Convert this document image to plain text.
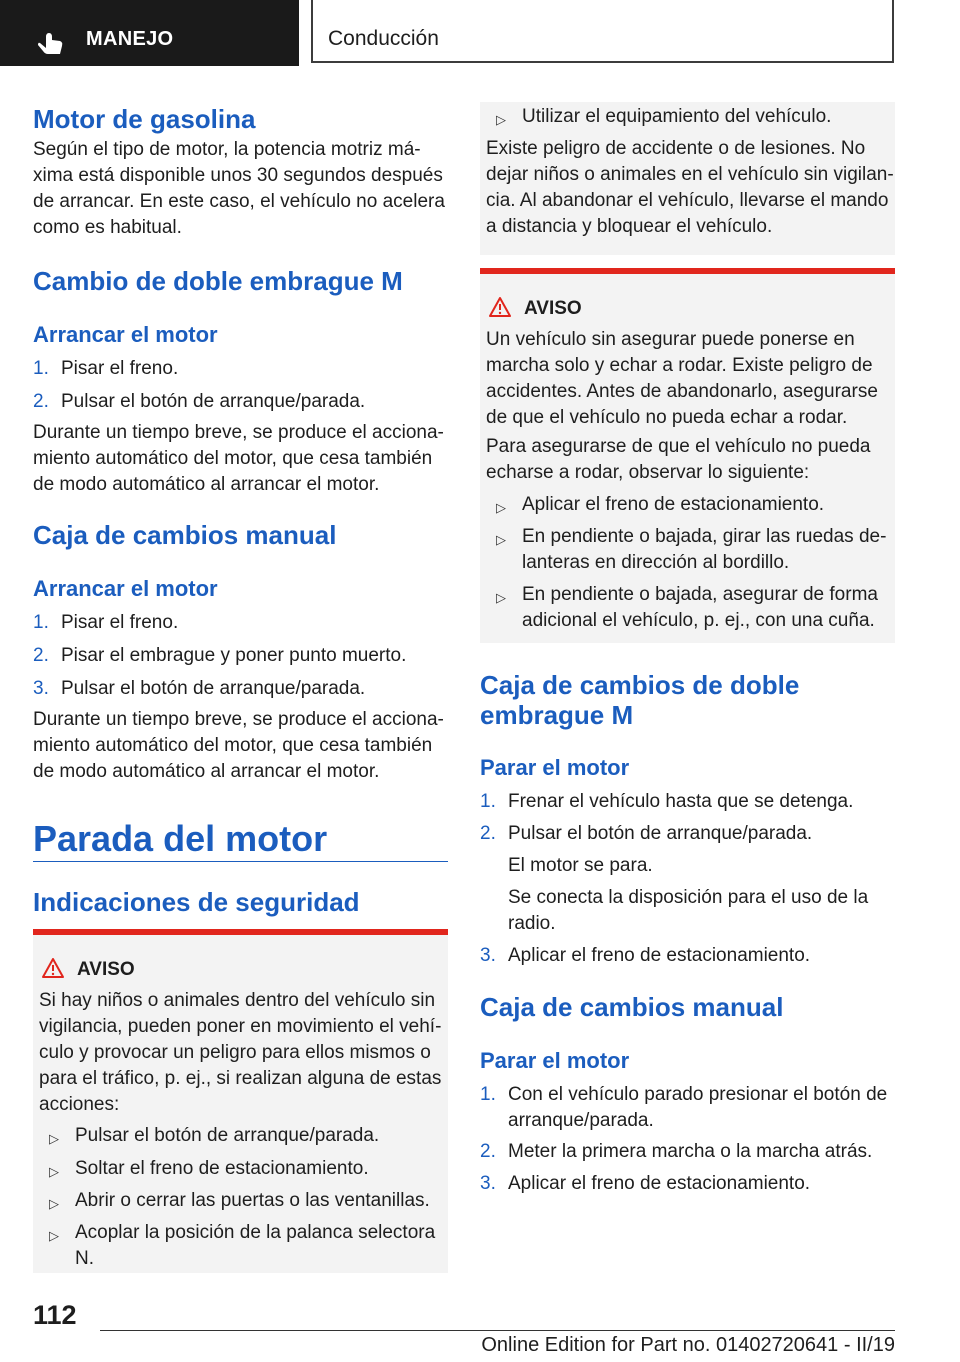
MANEJO	Conducción
Motor de gasolina

Según el tipo de motor, la potencia motriz má-
xima está disponible unos 30 segundos después
de arrancar. En este caso, el vehículo no acelera
como es habitual.

Cambio de doble embrague M
Arrancar el motor
1. Pisar el freno.
2. Pulsar el botón de arranque/parada.

Durante un tiempo breve, se produce el acciona-
miento automático del motor, que cesa también
de modo automático al arrancar el motor.

Caja de cambios manual
Arrancar el motor
1. Pisar el freno.
2. Pisar el embrague y poner punto muerto.
3. Pulsar el botón de arranque/parada.

Durante un tiempo breve, se produce el acciona-
miento automático del motor, que cesa también
de modo automático al arrancar el motor.

Parada del motor
Indicaciones de seguridad
AVISO

Si hay niños o animales dentro del vehículo sin
vigilancia, pueden poner en movimiento el vehí-
culo y provocar un peligro para ellos mismos o
para el tráfico, p. ej., si realizan alguna de estas
acciones:

▷ Pulsar el botón de arranque/parada.
▷ Soltar el freno de estacionamiento.
▷ Abrir o cerrar las puertas o las ventanillas.
▷ Acoplar la posición de la palanca selectora
N.
▷ Utilizar el equipamiento del vehículo.

Existe peligro de accidente o de lesiones. No
dejar niños o animales en el vehículo sin vigilan-
cia. Al abandonar el vehículo, llevarse el mando
a distancia y bloquear el vehículo.

AVISO

Un vehículo sin asegurar puede ponerse en
marcha solo y echar a rodar. Existe peligro de
accidentes. Antes de abandonarlo, asegurarse
de que el vehículo no pueda echar a rodar.

Para asegurarse de que el vehículo no pueda
echarse a rodar, observar lo siguiente:

▷ Aplicar el freno de estacionamiento.
▷ En pendiente o bajada, girar las ruedas de-
lanteras en dirección al bordillo.
▷ En pendiente o bajada, asegurar de forma
adicional el vehículo, p. ej., con una cuña.
Caja de cambios de doble
embrague M
Parar el motor
1. Frenar el vehículo hasta que se detenga.
2. Pulsar el botón de arranque/parada.

El motor se para.

Se conecta la disposición para el uso de la
radio.

3. Aplicar el freno de estacionamiento.
Caja de cambios manual
Parar el motor
1. Con el vehículo parado presionar el botón de
arranque/parada.
2. Meter la primera marcha o la marcha atrás.
3. Aplicar el freno de estacionamiento.
112
Online Edition for Part no. 01402720641 - II/19
